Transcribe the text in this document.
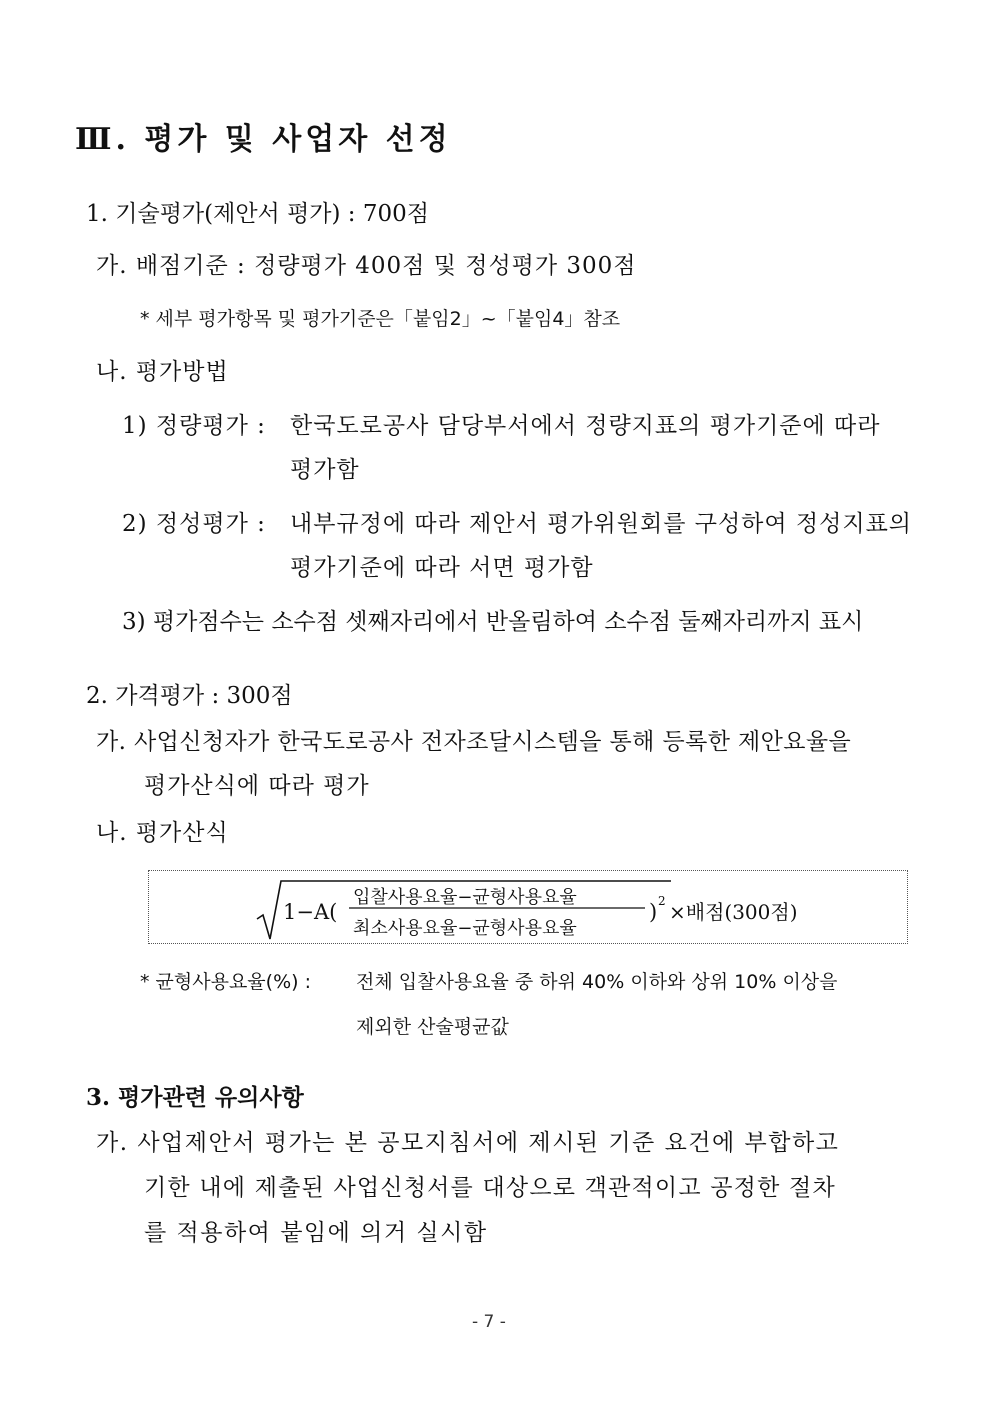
Ⅲ. 평가 및 사업자 선정
1. 기술평가(제안서 평가) : 700점
가. 배점기준 : 정량평가 400점 및 정성평가 300점
* 세부 평가항목 및 평가기준은「붙임2」~「붙임4」참조
나. 평가방법
1) 정량평가 : 한국도로공사 담당부서에서 정량지표의 평가기준에 따라
평가함
2) 정성평가 : 내부규정에 따라 제안서 평가위원회를 구성하여 정성지표의
평가기준에 따라 서면 평가함
3) 평가점수는 소수점 셋째자리에서 반올림하여 소수점 둘째자리까지 표시
2. 가격평가 : 300점
가. 사업신청자가 한국도로공사 전자조달시스템을 통해 등록한 제안요율을
평가산식에 따라 평가
나. 평가산식
1−A(
입찰사용요율−균형사용요율
최소사용요율−균형사용요율
) 2 ×배점(300점)
* 균형사용요율(%) : 전체 입찰사용요율 중 하위 40% 이하와 상위 10% 이상을
제외한 산술평균값
3. 평가관련 유의사항
가. 사업제안서 평가는 본 공모지침서에 제시된 기준 요건에 부합하고
기한 내에 제출된 사업신청서를 대상으로 객관적이고 공정한 절차
를 적용하여 붙임에 의거 실시함
- 7 -
